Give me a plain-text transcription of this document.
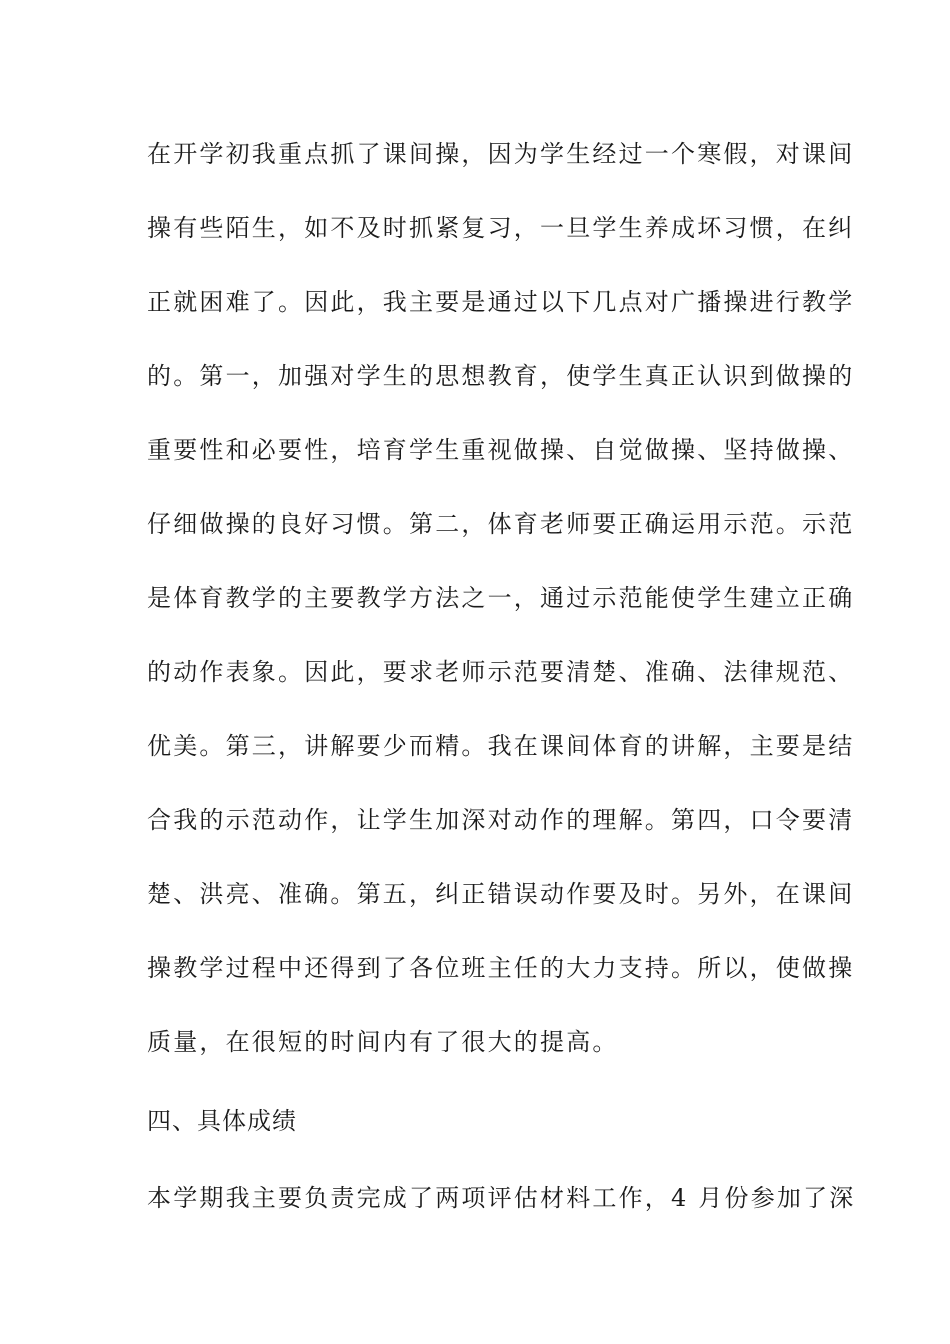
在开学初我重点抓了课间操，因为学生经过一个寒假，对课间
操有些陌生，如不及时抓紧复习，一旦学生养成坏习惯，在纠
正就困难了。因此，我主要是通过以下几点对广播操进行教学
的。第一，加强对学生的思想教育，使学生真正认识到做操的
重要性和必要性，培育学生重视做操、自觉做操、坚持做操、
仔细做操的良好习惯。第二，体育老师要正确运用示范。示范
是体育教学的主要教学方法之一，通过示范能使学生建立正确
的动作表象。因此，要求老师示范要清楚、准确、法律规范、
优美。第三，讲解要少而精。我在课间体育的讲解，主要是结
合我的示范动作，让学生加深对动作的理解。第四，口令要清
楚、洪亮、准确。第五，纠正错误动作要及时。另外，在课间
操教学过程中还得到了各位班主任的大力支持。所以，使做操
质量，在很短的时间内有了很大的提高。
四、具体成绩
本学期我主要负责完成了两项评估材料工作，4 月份参加了深
